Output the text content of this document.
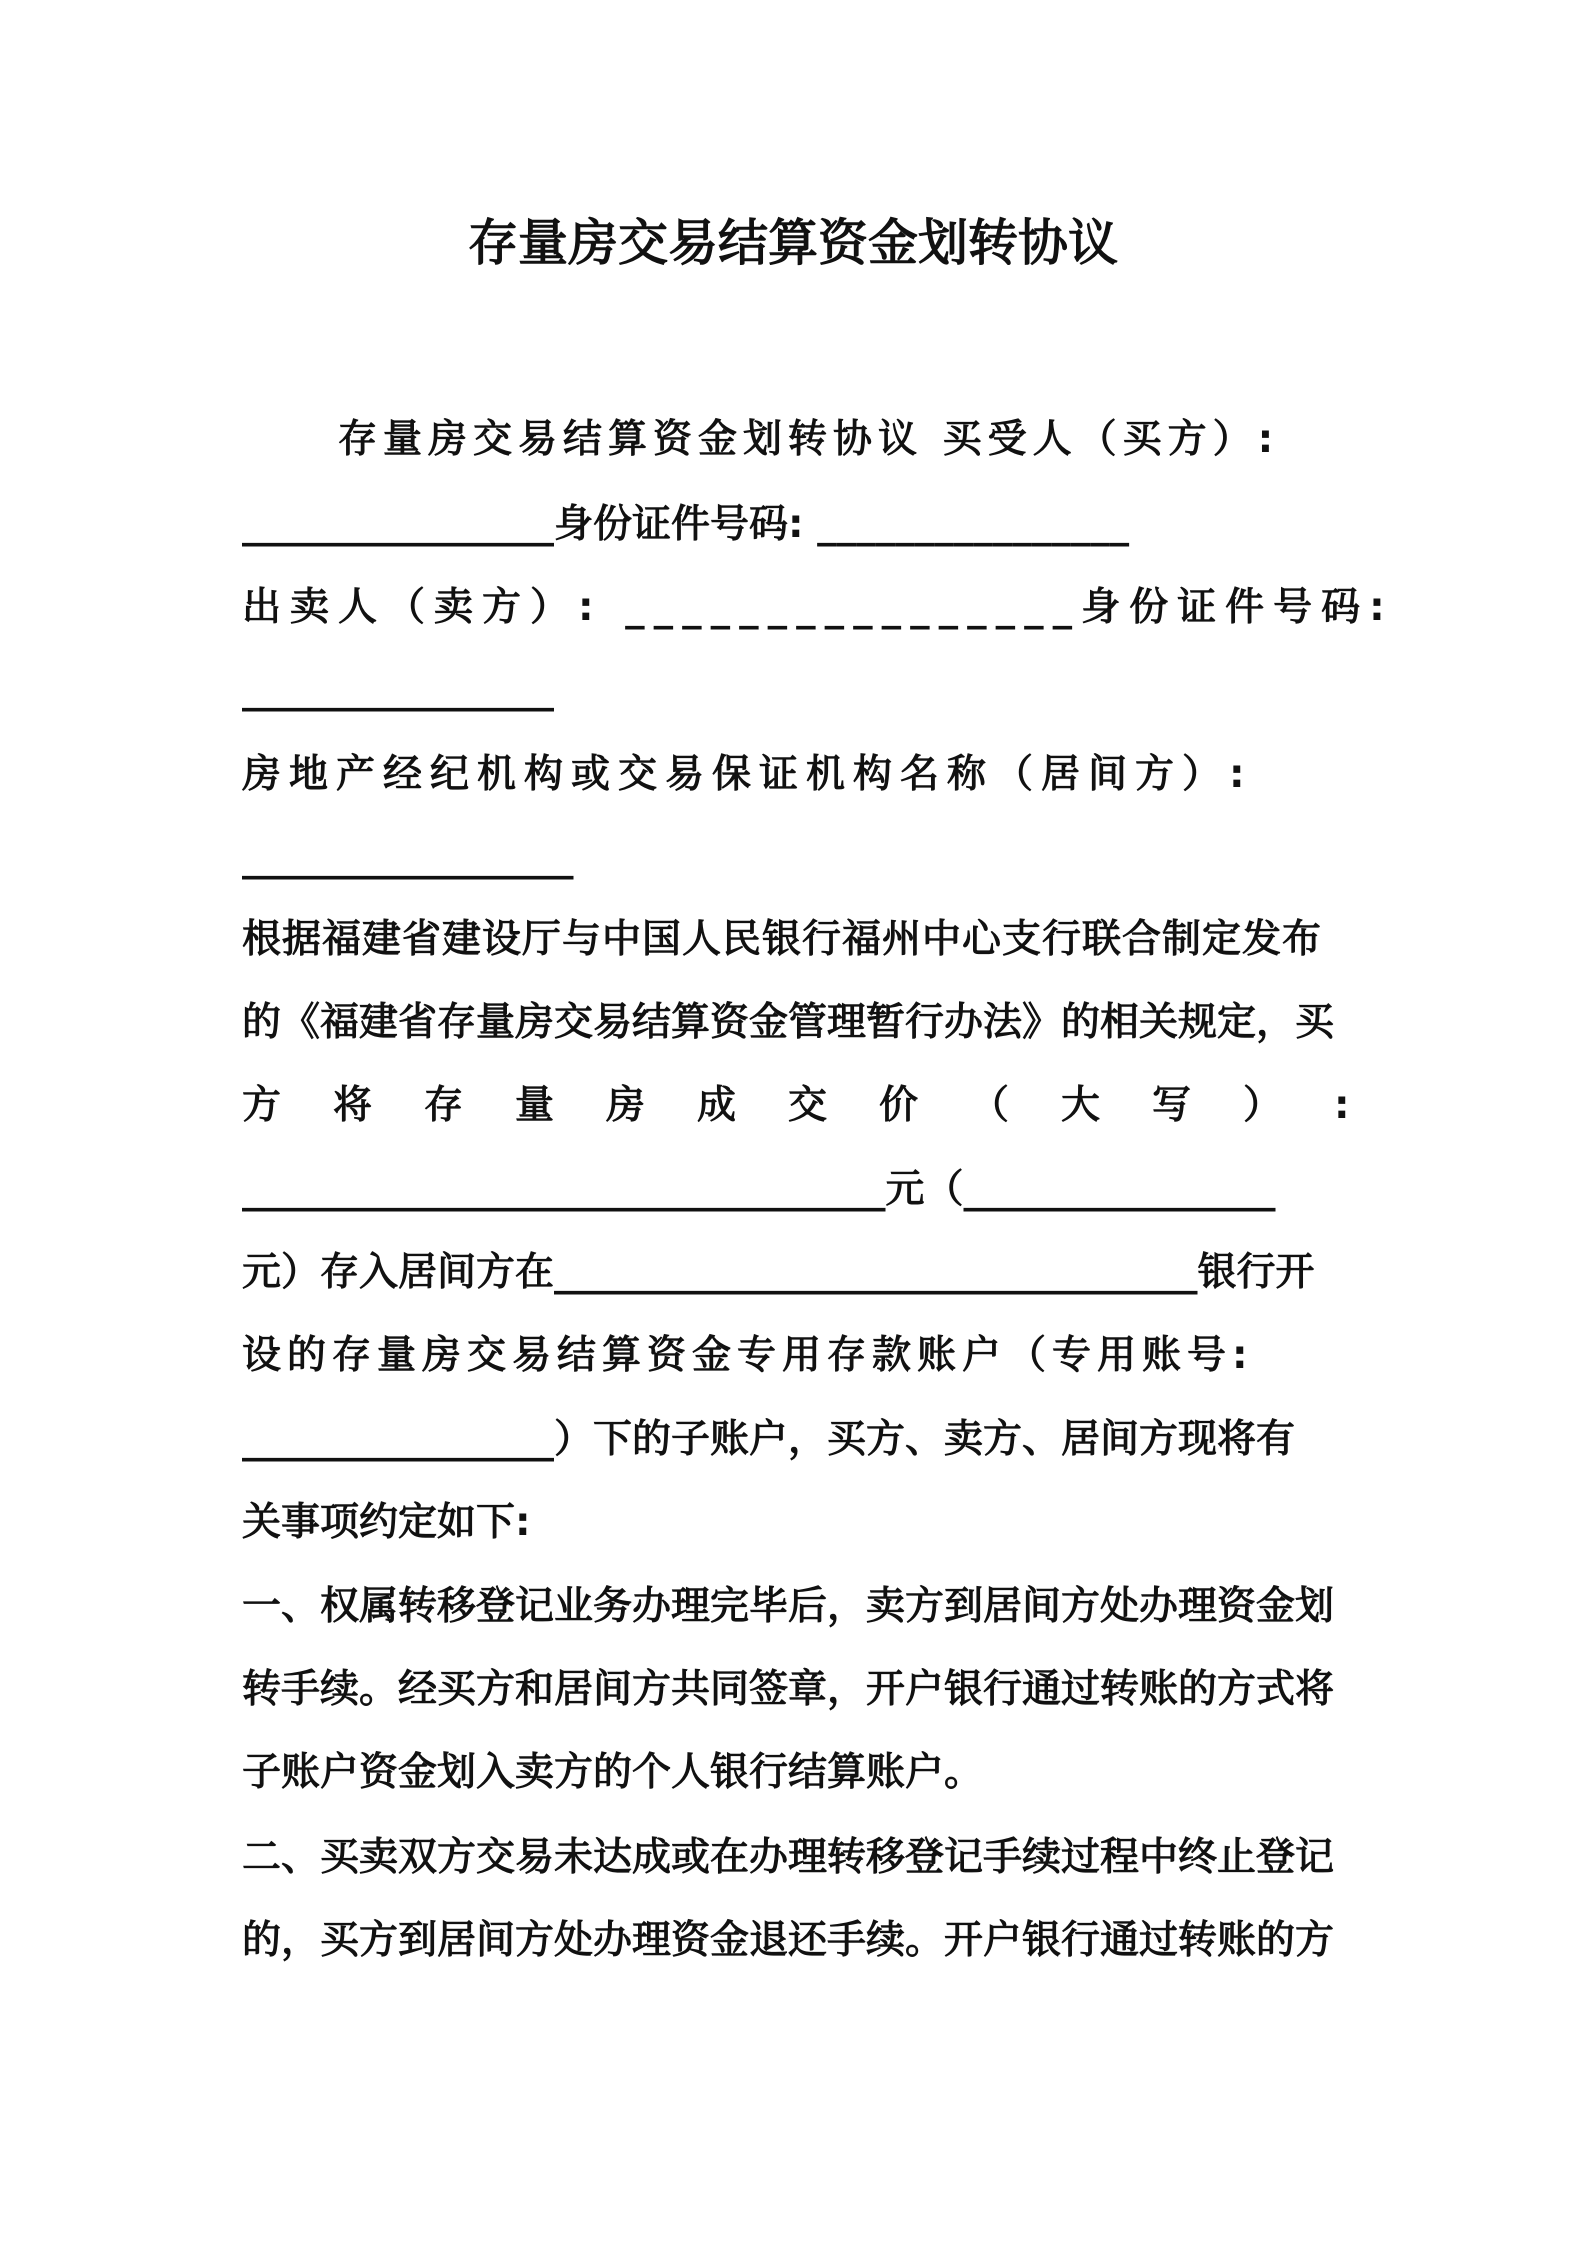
存量房交易结算资金划转协议
存量房交易结算资金划转协议 买受人（买方）:
________________身份证件号码: ________________
出卖人（卖方）: ________________身份证件号码:
________________
房地产经纪机构或交易保证机构名称（居间方）:
_________________
根据福建省建设厅与中国人民银行福州中心支行联合制定发布
的《福建省存量房交易结算资金管理暂行办法》的相关规定，买
方将存量房成交价（大写）:
_________________________________元（________________
元）存入居间方在_________________________________银行开
设的存量房交易结算资金专用存款账户（专用账号:
________________）下的子账户，买方、卖方、居间方现将有
关事项约定如下:
一、权属转移登记业务办理完毕后，卖方到居间方处办理资金划
转手续。经买方和居间方共同签章，开户银行通过转账的方式将
子账户资金划入卖方的个人银行结算账户。
二、买卖双方交易未达成或在办理转移登记手续过程中终止登记
的，买方到居间方处办理资金退还手续。开户银行通过转账的方
